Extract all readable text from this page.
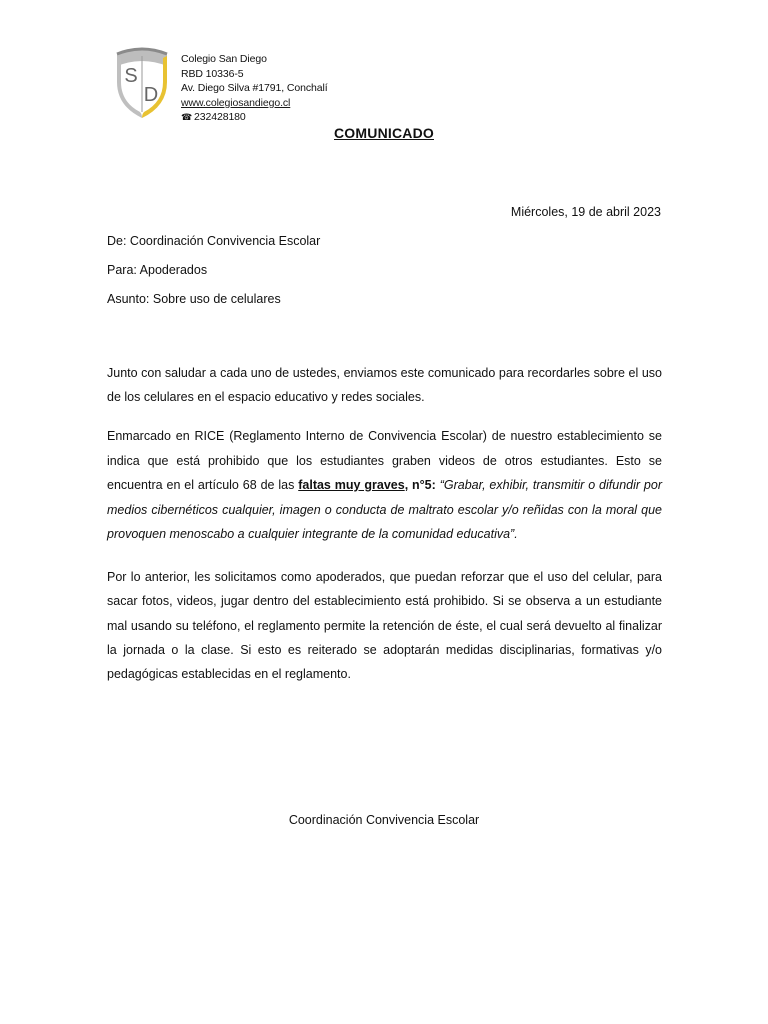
S
D
Colegio San Diego
RBD 10336-5
Av. Diego Silva #1791, Conchalí
www.colegiosandiego.cl
☎ 232428180
COMUNICADO
Miércoles, 19 de abril 2023
De: Coordinación Convivencia Escolar
Para: Apoderados
Asunto: Sobre uso de celulares
Junto con saludar a cada uno de ustedes, enviamos este comunicado para recordarles sobre el uso de los celulares en el espacio educativo y redes sociales.
Enmarcado en RICE (Reglamento Interno de Convivencia Escolar) de nuestro establecimiento se indica que está prohibido que los estudiantes graben videos de otros estudiantes. Esto se encuentra en el artículo 68 de las faltas muy graves, n°5: “Grabar, exhibir, transmitir o difundir por medios cibernéticos cualquier, imagen o conducta de maltrato escolar y/o reñidas con la moral que provoquen menoscabo a cualquier integrante de la comunidad educativa”.
Por lo anterior, les solicitamos como apoderados, que puedan reforzar que el uso del celular, para sacar fotos, videos, jugar dentro del establecimiento está prohibido. Si se observa a un estudiante mal usando su teléfono, el reglamento permite la retención de éste, el cual será devuelto al finalizar la jornada o la clase. Si esto es reiterado se adoptarán medidas disciplinarias, formativas y/o pedagógicas establecidas en el reglamento.
Coordinación Convivencia Escolar
